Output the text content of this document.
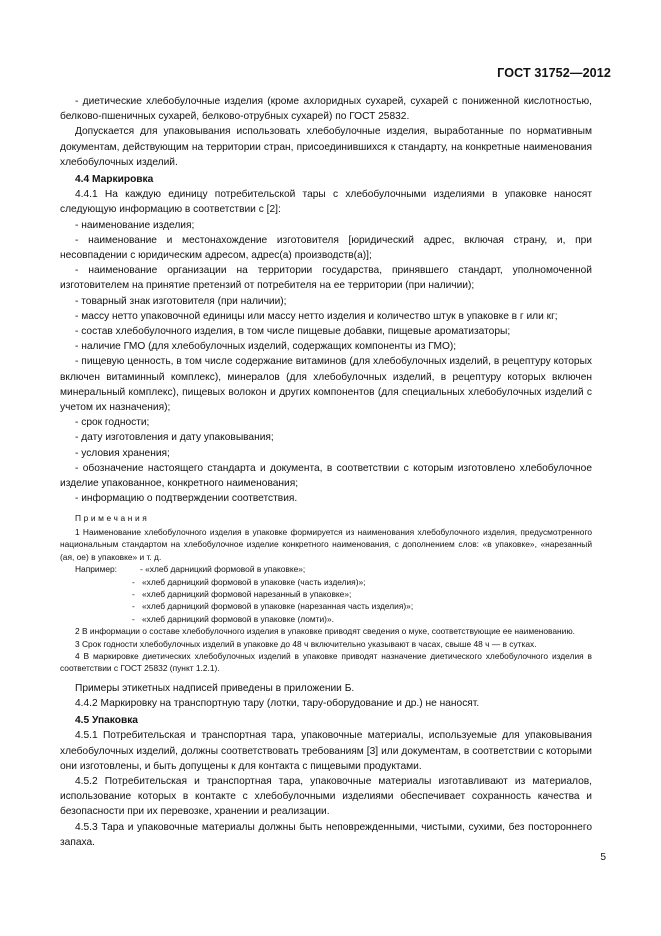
ГОСТ 31752—2012

- диетические хлебобулочные изделия (кроме ахлоридных сухарей, сухарей с пониженной кислотностью, белково-пшеничных сухарей, белково-отрубных сухарей) по ГОСТ 25832.

Допускается для упаковывания использовать хлебобулочные изделия, выработанные по нормативным документам, действующим на территории стран, присоединившихся к стандарту, на конкретные наименования хлебобулочных изделий.

4.4 Маркировка

4.4.1 На каждую единицу потребительской тары с хлебобулочными изделиями в упаковке наносят следующую информацию в соответствии с [2]:

- наименование изделия;

- наименование и местонахождение изготовителя [юридический адрес, включая страну, и, при несовпадении с юридическим адресом, адрес(а) производств(а)];

- наименование организации на территории государства, принявшего стандарт, уполномоченной изготовителем на принятие претензий от потребителя на ее территории (при наличии);

- товарный знак изготовителя (при наличии);

- массу нетто упаковочной единицы или массу нетто изделия и количество штук в упаковке в г или кг;

- состав хлебобулочного изделия, в том числе пищевые добавки, пищевые ароматизаторы;

- наличие ГМО (для хлебобулочных изделий, содержащих компоненты из ГМО);

- пищевую ценность, в том числе содержание витаминов (для хлебобулочных изделий, в рецептуру которых включен витаминный комплекс), минералов (для хлебобулочных изделий, в рецептуру которых включен минеральный комплекс), пищевых волокон и других компонентов (для специальных хлебобулочных изделий с учетом их назначения);

- срок годности;

- дату изготовления и дату упаковывания;

- условия хранения;

- обозначение настоящего стандарта и документа, в соответствии с которым изготовлено хлебобулочное изделие упакованное, конкретного наименования;

- информацию о подтверждении соответствия.

Примечания

1 Наименование хлебобулочного изделия в упаковке формируется из наименования хлебобулочного изделия, предусмотренного национальным стандартом на хлебобулочное изделие конкретного наименования, с дополнением слов: «в упаковке», «нарезанный (ая, ое) в упаковке» и т. д.

Например:	- «хлеб дарницкий формовой в упаковке»;

- «хлеб дарницкий формовой в упаковке (часть изделия)»;

- «хлеб дарницкий формовой нарезанный в упаковке»;

- «хлеб дарницкий формовой в упаковке (нарезанная часть изделия)»;

- «хлеб дарницкий формовой в упаковке (ломти)».

2 В информации о составе хлебобулочного изделия в упаковке приводят сведения о муке, соответствующие ее наименованию.

3 Срок годности хлебобулочных изделий в упаковке до 48 ч включительно указывают в часах, свыше 48 ч — в сутках.

4 В маркировке диетических хлебобулочных изделий в упаковке приводят назначение диетического хлебобулочного изделия в соответствии с ГОСТ 25832 (пункт 1.2.1).

Примеры этикетных надписей приведены в приложении Б.

4.4.2 Маркировку на транспортную тару (лотки, тару-оборудование и др.) не наносят.

4.5 Упаковка

4.5.1 Потребительская и транспортная тара, упаковочные материалы, используемые для упаковывания хлебобулочных изделий, должны соответствовать требованиям [3] или документам, в соответствии с которыми они изготовлены, и быть допущены к для контакта с пищевыми продуктами.

4.5.2 Потребительская и транспортная тара, упаковочные материалы изготавливают из материалов, использование которых в контакте с хлебобулочными изделиями обеспечивает сохранность качества и безопасности при их перевозке, хранении и реализации.

4.5.3 Тара и упаковочные материалы должны быть неповрежденными, чистыми, сухими, без постороннего запаха.

5
